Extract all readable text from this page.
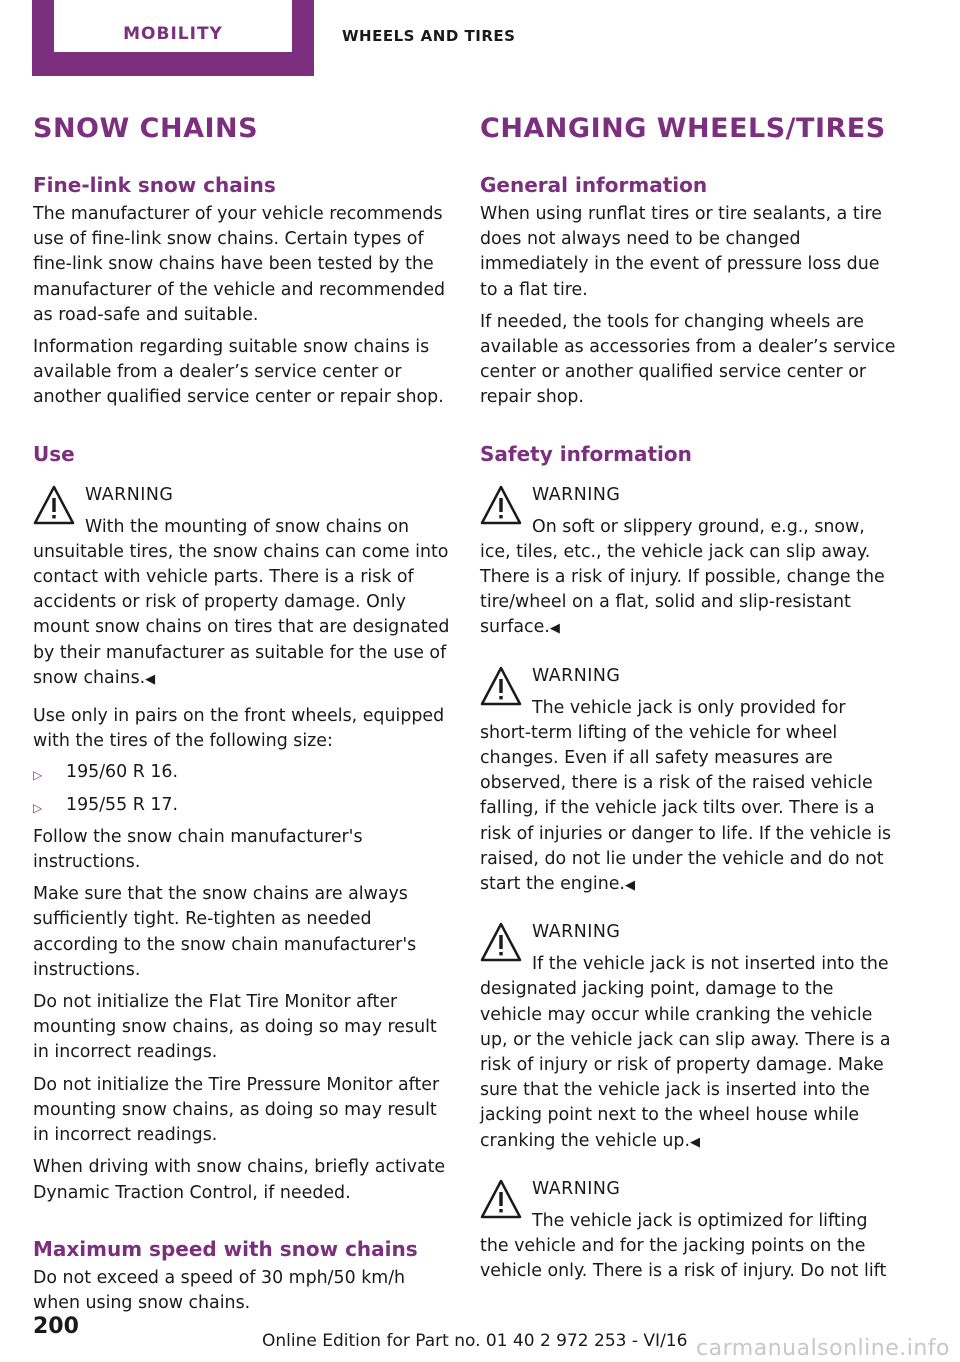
MOBILITY	WHEELS AND TIRES
SNOW CHAINS
Fine-link snow chains

The manufacturer of your vehicle recommends use of fine-link snow chains. Certain types of fine-link snow chains have been tested by the manufacturer of the vehicle and recommended as road-safe and suitable.

Information regarding suitable snow chains is available from a dealer’s service center or another qualified service center or repair shop.

Use
WARNING
With the mounting of snow chains on unsuitable tires, the snow chains can come into contact with vehicle parts. There is a risk of accidents or risk of property damage. Only mount snow chains on tires that are designated by their manufacturer as suitable for the use of snow chains.◀

Use only in pairs on the front wheels, equipped with the tires of the following size:

▷ 195/60 R 16.
▷ 195/55 R 17.

Follow the snow chain manufacturer's instructions.

Make sure that the snow chains are always sufficiently tight. Re-tighten as needed according to the snow chain manufacturer's instructions.

Do not initialize the Flat Tire Monitor after mounting snow chains, as doing so may result in incorrect readings.

Do not initialize the Tire Pressure Monitor after mounting snow chains, as doing so may result in incorrect readings.

When driving with snow chains, briefly activate Dynamic Traction Control, if needed.

Maximum speed with snow chains

Do not exceed a speed of 30 mph/50 km/h when using snow chains.

CHANGING WHEELS/TIRES
General information

When using runflat tires or tire sealants, a tire does not always need to be changed immediately in the event of pressure loss due to a flat tire.

If needed, the tools for changing wheels are available as accessories from a dealer’s service center or another qualified service center or repair shop.

Safety information
WARNING
On soft or slippery ground, e.g., snow, ice, tiles, etc., the vehicle jack can slip away. There is a risk of injury. If possible, change the tire/wheel on a flat, solid and slip-resistant surface.◀
WARNING
The vehicle jack is only provided for short-term lifting of the vehicle for wheel changes. Even if all safety measures are observed, there is a risk of the raised vehicle falling, if the vehicle jack tilts over. There is a risk of injuries or danger to life. If the vehicle is raised, do not lie under the vehicle and do not start the engine.◀
WARNING
If the vehicle jack is not inserted into the designated jacking point, damage to the vehicle may occur while cranking the vehicle up, or the vehicle jack can slip away. There is a risk of injury or risk of property damage. Make sure that the vehicle jack is inserted into the jacking point next to the wheel house while cranking the vehicle up.◀
WARNING
The vehicle jack is optimized for lifting the vehicle and for the jacking points on the vehicle only. There is a risk of injury. Do not lift
200
Online Edition for Part no. 01 40 2 972 253 - VI/16 carmanualsonline.info
